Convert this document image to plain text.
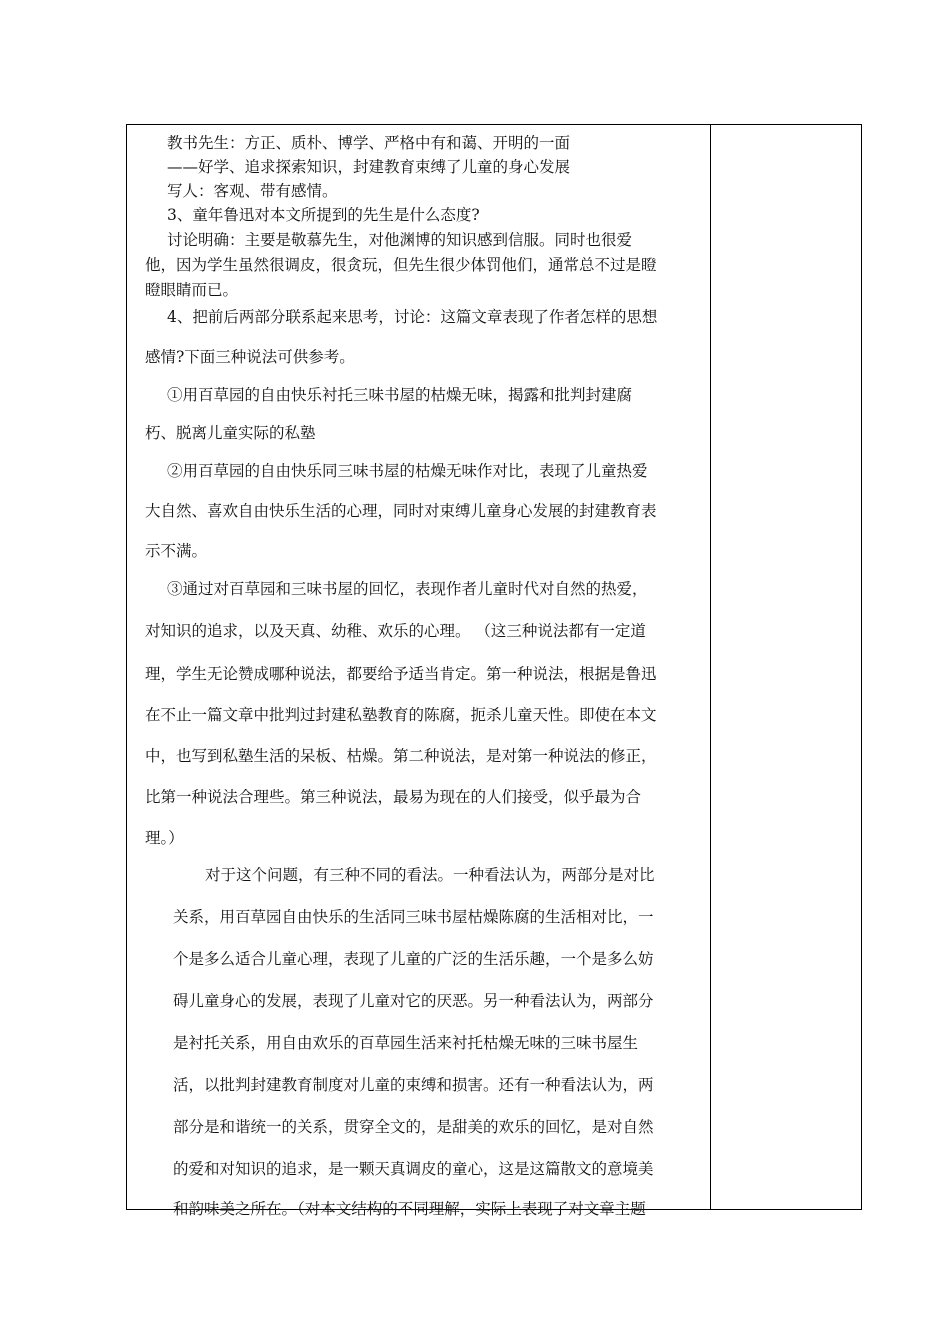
教书先生：方正、质朴、博学、严格中有和蔼、开明的一面
——好学、追求探索知识，封建教育束缚了儿童的身心发展
写人：客观、带有感情。
3、童年鲁迅对本文所提到的先生是什么态度?
讨论明确：主要是敬慕先生，对他渊博的知识感到信服。同时也很爱
他，因为学生虽然很调皮，很贪玩，但先生很少体罚他们，通常总不过是瞪
瞪眼睛而已。
4、把前后两部分联系起来思考，讨论：这篇文章表现了作者怎样的思想
感情?下面三种说法可供参考。
①用百草园的自由快乐衬托三味书屋的枯燥无味，揭露和批判封建腐
朽、脱离儿童实际的私塾
②用百草园的自由快乐同三味书屋的枯燥无味作对比，表现了儿童热爱
大自然、喜欢自由快乐生活的心理，同时对束缚儿童身心发展的封建教育表
示不满。
③通过对百草园和三味书屋的回忆，表现作者儿童时代对自然的热爱，
对知识的追求，以及天真、幼稚、欢乐的心理。 （这三种说法都有一定道
理，学生无论赞成哪种说法，都要给予适当肯定。第一种说法，根据是鲁迅
在不止一篇文章中批判过封建私塾教育的陈腐，扼杀儿童天性。即使在本文
中，也写到私塾生活的呆板、枯燥。第二种说法，是对第一种说法的修正，
比第一种说法合理些。第三种说法，最易为现在的人们接受，似乎最为合
理。）
对于这个问题，有三种不同的看法。一种看法认为，两部分是对比
关系，用百草园自由快乐的生活同三味书屋枯燥陈腐的生活相对比，一
个是多么适合儿童心理，表现了儿童的广泛的生活乐趣，一个是多么妨
碍儿童身心的发展，表现了儿童对它的厌恶。另一种看法认为，两部分
是衬托关系，用自由欢乐的百草园生活来衬托枯燥无味的三味书屋生
活，以批判封建教育制度对儿童的束缚和损害。还有一种看法认为，两
部分是和谐统一的关系，贯穿全文的，是甜美的欢乐的回忆，是对自然
的爱和对知识的追求，是一颗天真调皮的童心，这是这篇散文的意境美
和韵味美之所在。（对本文结构的不同理解，实际上表现了对文章主题
